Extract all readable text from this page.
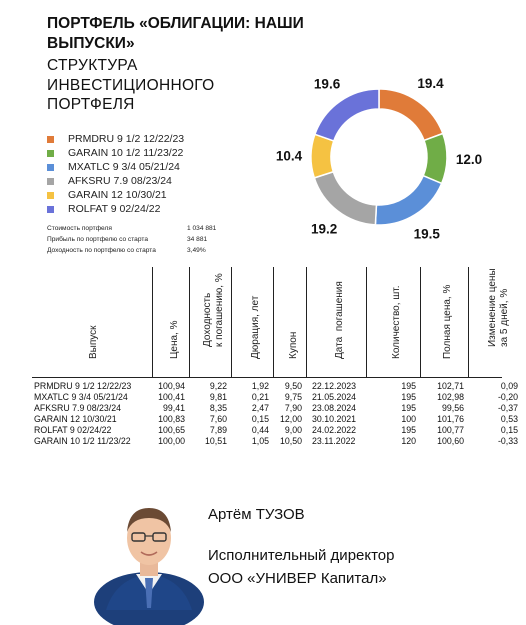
ПОРТФЕЛЬ «ОБЛИГАЦИИ: НАШИ ВЫПУСКИ»
СТРУКТУРА ИНВЕСТИЦИОННОГО ПОРТФЕЛЯ
PRMDRU 9 1/2 12/22/23
GARAIN 10 1/2 11/23/22
MXATLC 9 3/4 05/21/24
AFKSRU 7.9 08/23/24
GARAIN 12 10/30/21
ROLFAT 9 02/24/22
Стоимость портфеля	1 034 881
Прибыль по портфелю со старта	34 881
Доходность по портфелю со старта	3,49%
19.4
12.0
19.5
19.2
10.4
19.6
Выпуск	Цена, % Доходность
к погашению, %
Дюрация, лет	Купон	Дата  погашения	Количество, шт.	Полная цена, %	Изменение цены
за 5 дней, %
PRMDRU 9 1/2 12/22/23	100,94	9,22	1,92	9,50 22.12.2023	195	102,71	0,09
MXATLC 9 3/4 05/21/24	100,41	9,81	0,21	9,75 21.05.2024	195	102,98	-0,20
AFKSRU 7.9 08/23/24	99,41	8,35	2,47	7,90 23.08.2024	195	99,56	-0,37
GARAIN 12 10/30/21	100,83	7,60	0,15	12,00 30.10.2021	100	101,76	0,53
ROLFAT 9 02/24/22	100,65	7,89	0,44	9,00 24.02.2022	195	100,77	0,15
GARAIN 10 1/2 11/23/22	100,00	10,51	1,05	10,50 23.11.2022	120	100,60	-0,33
Артём ТУЗОВ
Исполнительный директор
ООО «УНИВЕР Капитал»
